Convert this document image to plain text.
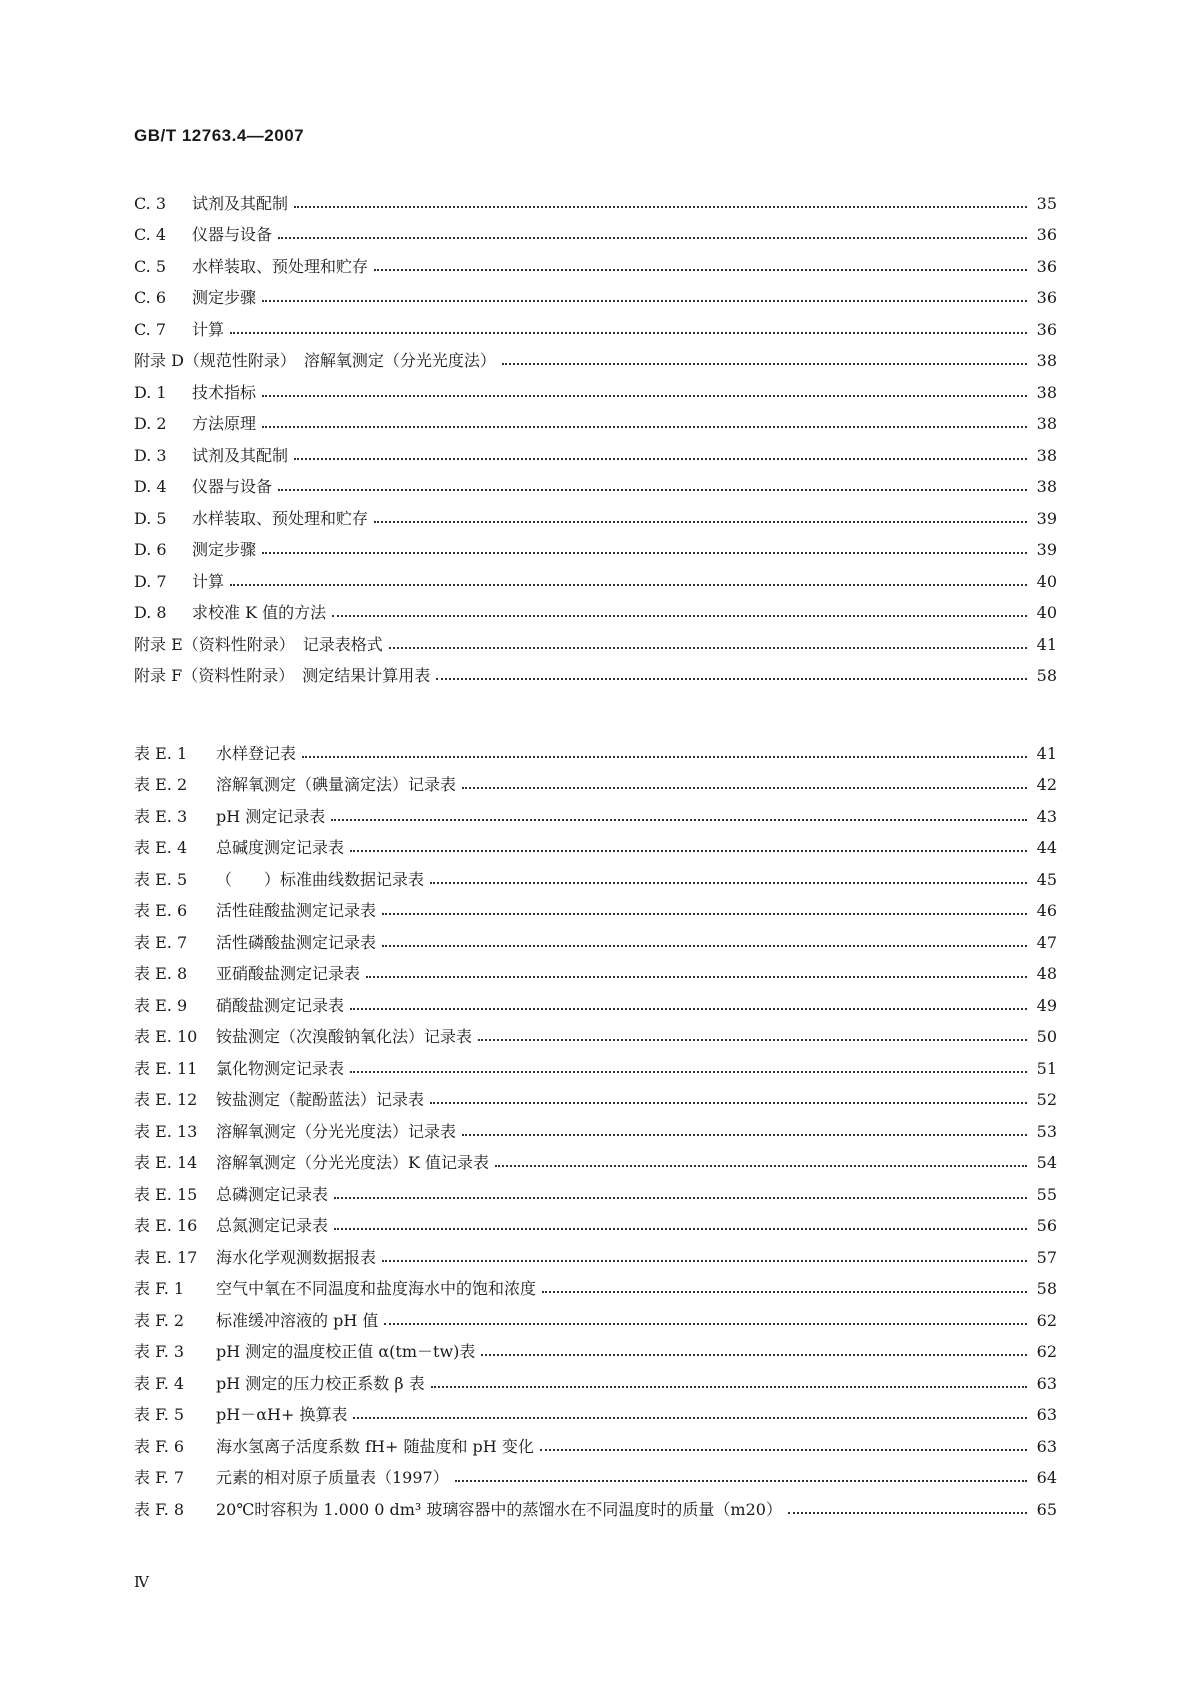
GB/T 12763.4—2007
C. 3	试剂及其配制	35
C. 4	仪器与设备	36
C. 5	水样装取、预处理和贮存	36
C. 6	测定步骤	36
C. 7	计算	36
附录 D（规范性附录）　溶解氧测定（分光光度法）	38
D. 1	技术指标	38
D. 2	方法原理	38
D. 3	试剂及其配制	38
D. 4	仪器与设备	38
D. 5	水样装取、预处理和贮存	39
D. 6	测定步骤	39
D. 7	计算	40
D. 8	求校准 K 值的方法	40
附录 E（资料性附录）　记录表格式	41
附录 F（资料性附录）　测定结果计算用表	58
表 E. 1	水样登记表	41
表 E. 2	溶解氧测定（碘量滴定法）记录表	42
表 E. 3	pH 测定记录表	43
表 E. 4	总碱度测定记录表	44
表 E. 5	（　　）标准曲线数据记录表	45
表 E. 6	活性硅酸盐测定记录表	46
表 E. 7	活性磷酸盐测定记录表	47
表 E. 8	亚硝酸盐测定记录表	48
表 E. 9	硝酸盐测定记录表	49
表 E. 10	铵盐测定（次溴酸钠氧化法）记录表	50
表 E. 11	氯化物测定记录表	51
表 E. 12	铵盐测定（靛酚蓝法）记录表	52
表 E. 13	溶解氧测定（分光光度法）记录表	53
表 E. 14	溶解氧测定（分光光度法）K 值记录表	54
表 E. 15	总磷测定记录表	55
表 E. 16	总氮测定记录表	56
表 E. 17	海水化学观测数据报表	57
表 F. 1	空气中氧在不同温度和盐度海水中的饱和浓度	58
表 F. 2	标准缓冲溶液的 pH 值	62
表 F. 3	pH 测定的温度校正值 α(tm－tw)表	62
表 F. 4	pH 测定的压力校正系数 β 表	63
表 F. 5	pH－αH+ 换算表	63
表 F. 6	海水氢离子活度系数 fH+ 随盐度和 pH 变化	63
表 F. 7	元素的相对原子质量表（1997）	64
表 F. 8	20℃时容积为 1.000 0 dm³ 玻璃容器中的蒸馏水在不同温度时的质量（m20）	65
Ⅳ
